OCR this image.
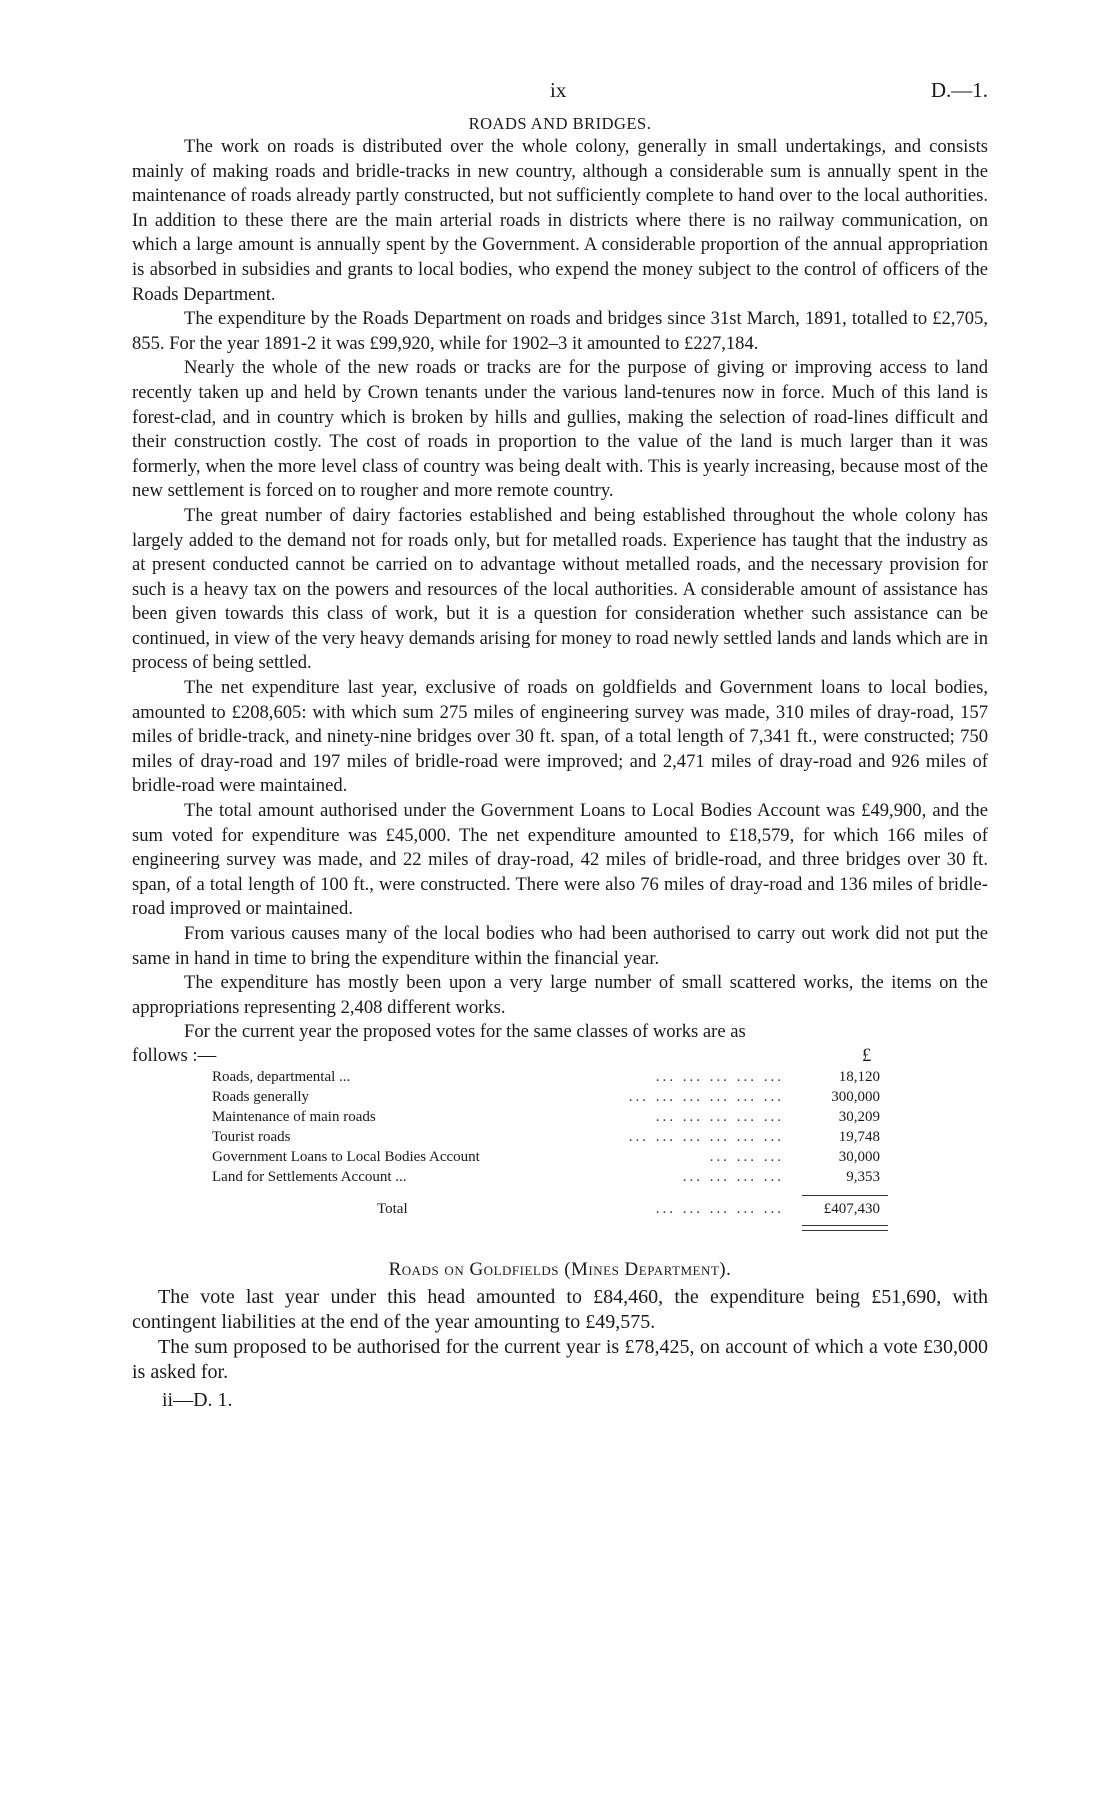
ix	D.—1.
ROADS AND BRIDGES.

The work on roads is distributed over the whole colony, generally in small undertakings, and consists mainly of making roads and bridle-tracks in new country, although a considerable sum is annually spent in the maintenance of roads already partly constructed, but not sufficiently complete to hand over to the local authorities. In addition to these there are the main arterial roads in districts where there is no railway communication, on which a large amount is annually spent by the Government. A considerable proportion of the annual appropriation is absorbed in subsidies and grants to local bodies, who expend the money subject to the control of officers of the Roads Department.

The expenditure by the Roads Department on roads and bridges since 31st March, 1891, totalled to £2,705, 855. For the year 1891-2 it was £99,920, while for 1902–3 it amounted to £227,184.

Nearly the whole of the new roads or tracks are for the purpose of giving or improving access to land recently taken up and held by Crown tenants under the various land-tenures now in force. Much of this land is forest-clad, and in country which is broken by hills and gullies, making the selection of road-lines difficult and their construction costly. The cost of roads in proportion to the value of the land is much larger than it was formerly, when the more level class of country was being dealt with. This is yearly increasing, because most of the new settlement is forced on to rougher and more remote country.

The great number of dairy factories established and being established throughout the whole colony has largely added to the demand not for roads only, but for metalled roads. Experience has taught that the industry as at present conducted cannot be carried on to advantage without metalled roads, and the necessary provision for such is a heavy tax on the powers and resources of the local authorities. A considerable amount of assistance has been given towards this class of work, but it is a question for consideration whether such assistance can be continued, in view of the very heavy demands arising for money to road newly settled lands and lands which are in process of being settled.

The net expenditure last year, exclusive of roads on goldfields and Government loans to local bodies, amounted to £208,605: with which sum 275 miles of engineering survey was made, 310 miles of dray-road, 157 miles of bridle-track, and ninety-nine bridges over 30 ft. span, of a total length of 7,341 ft., were constructed; 750 miles of dray-road and 197 miles of bridle-road were improved; and 2,471 miles of dray-road and 926 miles of bridle-road were maintained.

The total amount authorised under the Government Loans to Local Bodies Account was £49,900, and the sum voted for expenditure was £45,000. The net expenditure amounted to £18,579, for which 166 miles of engineering survey was made, and 22 miles of dray-road, 42 miles of bridle-road, and three bridges over 30 ft. span, of a total length of 100 ft., were constructed. There were also 76 miles of dray-road and 136 miles of bridle-road improved or maintained.

From various causes many of the local bodies who had been authorised to carry out work did not put the same in hand in time to bring the expenditure within the financial year.

The expenditure has mostly been upon a very large number of small scattered works, the items on the appropriations representing 2,408 different works.

For the current year the proposed votes for the same classes of works are as

follows :—	£
Roads, departmental ...	... ... ... ... ...	18,120
Roads generally	... ... ... ... ... ...	300,000
Maintenance of main roads	... ... ... ... ...	30,209
Tourist roads	... ... ... ... ... ...	19,748
Government Loans to Local Bodies Account	... ... ...	30,000
Land for Settlements Account ...	... ... ... ...	9,353
Total	... ... ... ... ...	£407,430
Roads on Goldfields (Mines Department).

The vote last year under this head amounted to £84,460, the expenditure being £51,690, with contingent liabilities at the end of the year amounting to £49,575.

The sum proposed to be authorised for the current year is £78,425, on account of which a vote £30,000 is asked for.

ii—D. 1.
